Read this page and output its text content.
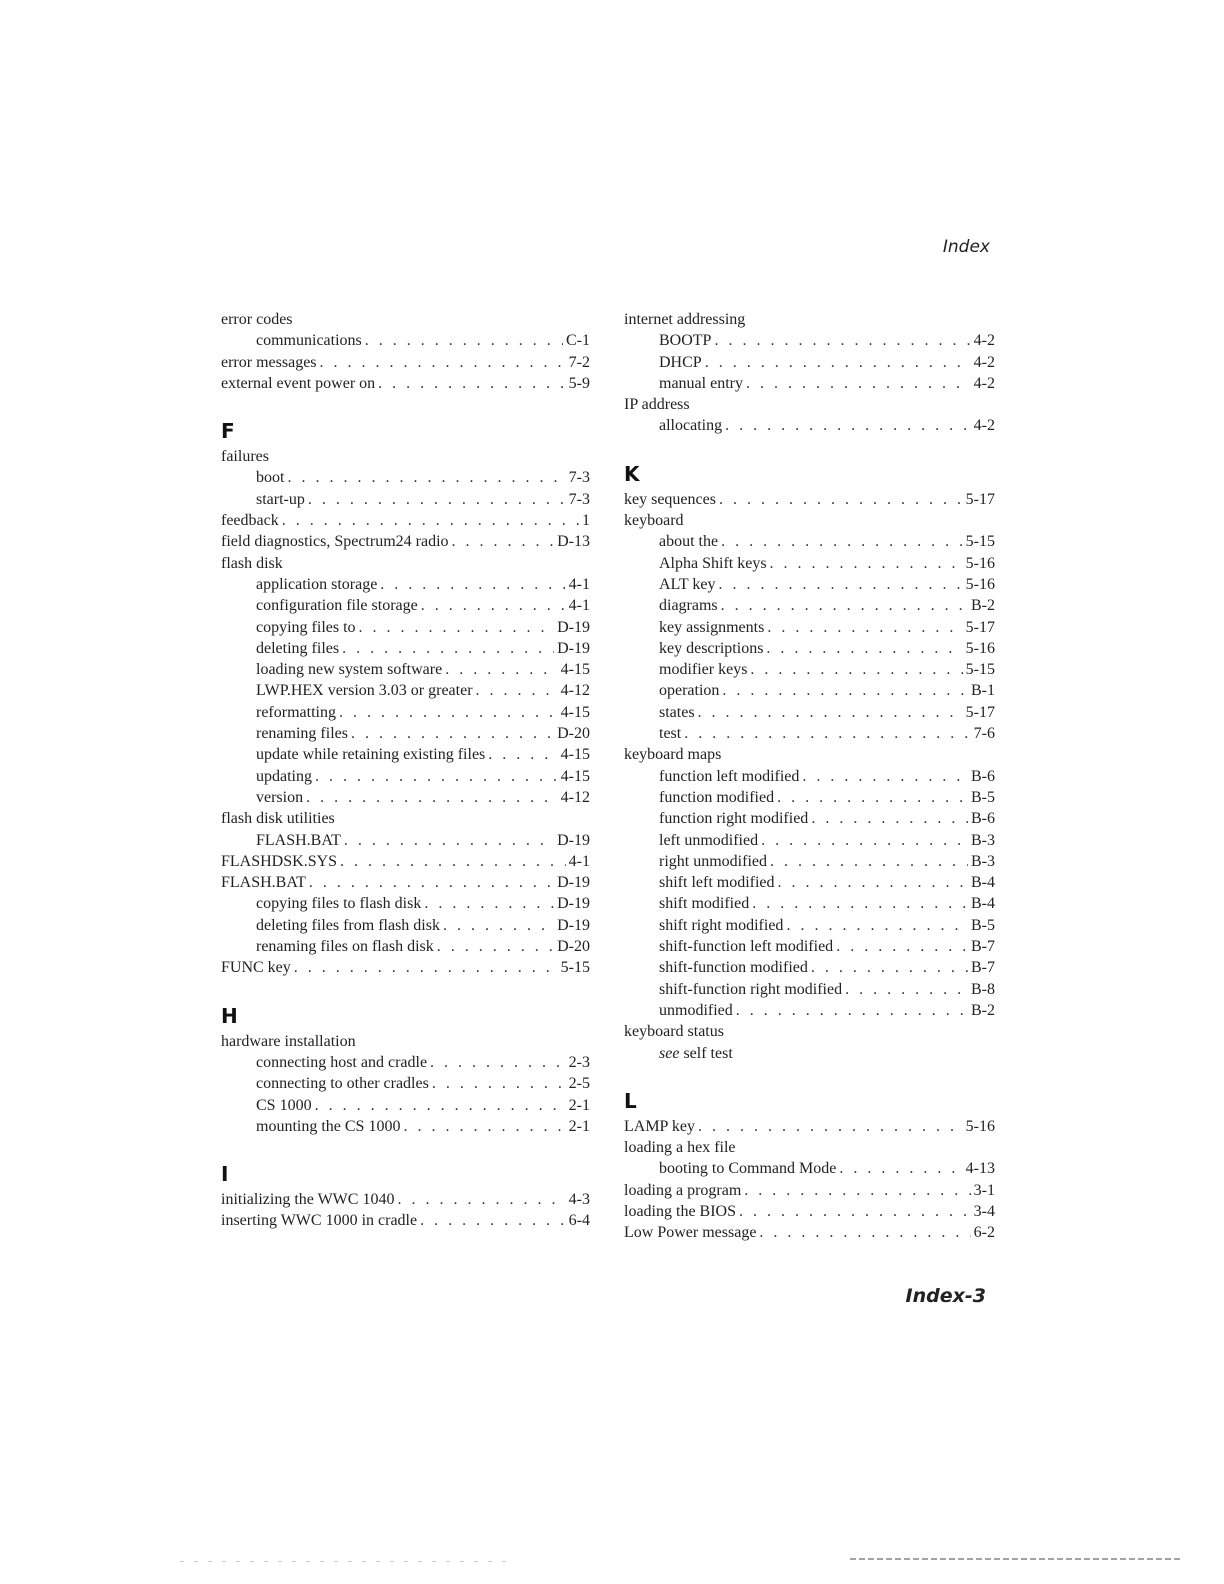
Index
error codes
communications . . .	C-1
error messages . . .	7-2
external event power on . . .	5-9
F
failures
boot . . .	7-3
start-up . . .	7-3
feedback . . .	1
field diagnostics, Spectrum24 radio . . .	D-13
flash disk
application storage . . .	4-1
configuration file storage . . .	4-1
copying files to . . .	D-19
deleting files . . .	D-19
loading new system software . . .	4-15
LWP.HEX version 3.03 or greater . . .	4-12
reformatting . . .	4-15
renaming files . . .	D-20
update while retaining existing files . . .	4-15
updating . . .	4-15
version . . .	4-12
flash disk utilities
FLASH.BAT . . .	D-19
FLASHDSK.SYS . . .	4-1
FLASH.BAT . . .	D-19
copying files to flash disk . . .	D-19
deleting files from flash disk . . .	D-19
renaming files on flash disk . . .	D-20
FUNC key . . .	5-15
H
hardware installation
connecting host and cradle . . .	2-3
connecting to other cradles . . .	2-5
CS 1000 . . .	2-1
mounting the CS 1000 . . .	2-1
I
initializing the WWC 1040 . . .	4-3
inserting WWC 1000 in cradle . . .	6-4
internet addressing
BOOTP . . .	4-2
DHCP . . .	4-2
manual entry . . .	4-2
IP address
allocating . . .	4-2
K
key sequences . . .	5-17
keyboard
about the . . .	5-15
Alpha Shift keys . . .	5-16
ALT key . . .	5-16
diagrams . . .	B-2
key assignments . . .	5-17
key descriptions . . .	5-16
modifier keys . . .	5-15
operation . . .	B-1
states . . .	5-17
test . . .	7-6
keyboard maps
function left modified . . .	B-6
function modified . . .	B-5
function right modified . . .	B-6
left unmodified . . .	B-3
right unmodified . . .	B-3
shift left modified . . .	B-4
shift modified . . .	B-4
shift right modified . . .	B-5
shift-function left modified . . .	B-7
shift-function modified . . .	B-7
shift-function right modified . . .	B-8
unmodified . . .	B-2
keyboard status
see self test
L
LAMP key . . .	5-16
loading a hex file
booting to Command Mode . . .	4-13
loading a program . . .	3-1
loading the BIOS . . .	3-4
Low Power message . . .	6-2
Index-3
